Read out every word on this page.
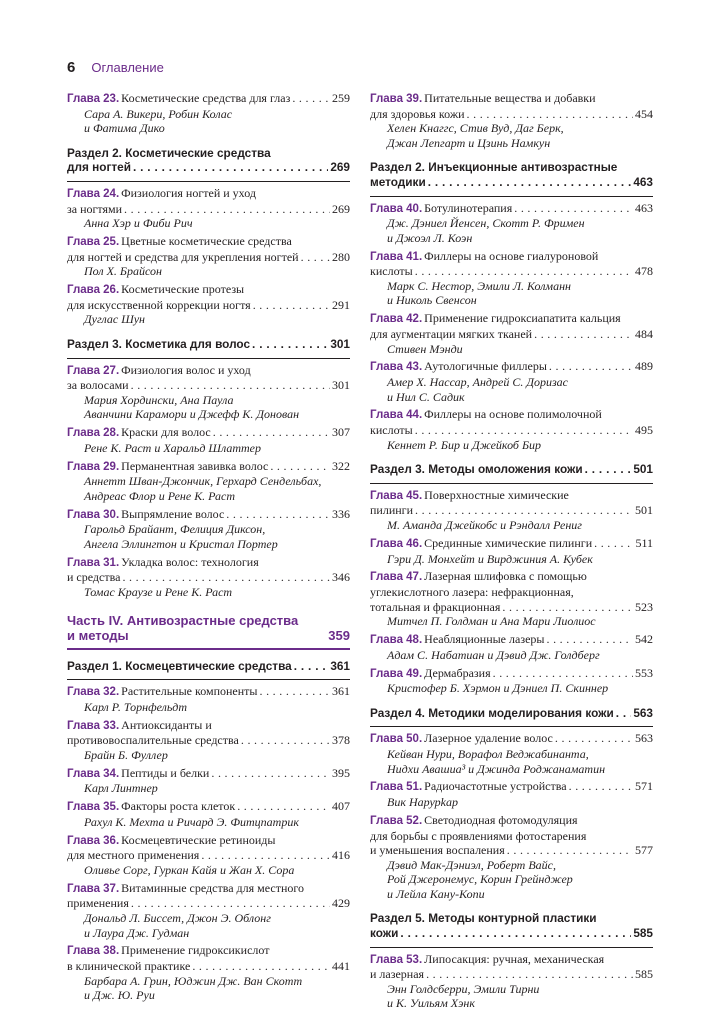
6 Оглавление
Глава 23. Косметические средства для глаз . . .	259
Сара А. Викери, Робин Колас
и Фатима Дико
Раздел 2. Косметические средства
для ногтей . . .	269
Глава 24. Физиология ногтей и уход
за ногтями . . .	269
Анна Хэр и Фиби Рич
Глава 25. Цветные косметические средства
для ногтей и средства для укрепления ногтей . . .	280
Пол Х. Брайсон
Глава 26. Косметические протезы
для искусственной коррекции ногтя . . .	291
Дуглас Шун
Раздел 3. Косметика для волос . . .	301
Глава 27. Физиология волос и уход
за волосами . . .	301
Мария Хордински, Ана Паула
Аванчини Карамори и Джефф К. Донован
Глава 28. Краски для волос . . .	307
Рене К. Раст и Харальд Шлаттер
Глава 29. Перманентная завивка волос . . .	322
Аннетт Шван-Джончик, Герхард Сендельбах,
Андреас Флор и Рене К. Раст
Глава 30. Выпрямление волос . . .	336
Гарольд Брайант, Фелиция Диксон,
Ангела Эллингтон и Кристал Портер
Глава 31. Укладка волос: технология
и средства . . .	346
Томас Краузе и Рене К. Раст
Часть IV. Антивозрастные средства
и методы	359
Раздел 1. Космецевтические средства . . .	361
Глава 32. Растительные компоненты . . .	361
Карл Р. Торнфельдт
Глава 33. Антиоксиданты и
противовоспалительные средства . . .	378
Брайн Б. Фуллер
Глава 34. Пептиды и белки . . .	395
Карл Линтнер
Глава 35. Факторы роста клеток . . .	407
Рахул К. Мехта и Ричард Э. Фитцпатрик
Глава 36. Космецевтические ретиноиды
для местного применения . . .	416
Оливье Сорг, Гуркан Кайя и Жан Х. Сора
Глава 37. Витаминные средства для местного
применения . . .	429
Дональд Л. Биссет, Джон Э. Облонг
и Лаура Дж. Гудман
Глава 38. Применение гидроксикислот
в клинической практике . . .	441
Барбара А. Грин, Юджин Дж. Ван Скотт
и Дж. Ю. Руи
Глава 39. Питательные вещества и добавки
для здоровья кожи . . .	454
Хелен Кнаггс, Стив Вуд, Даг Берк,
Джан Лепгарт и Цзинь Намкун
Раздел 2. Инъекционные антивозрастные
методики . . .	463
Глава 40. Ботулинотерапия . . .	463
Дж. Дэниел Йенсен, Скотт Р. Фримен
и Джоэл Л. Коэн
Глава 41. Филлеры на основе гиалуроновой
кислоты . . .	478
Марк С. Нестор, Эмили Л. Колманн
и Николь Свенсон
Глава 42. Применение гидроксиапатита кальция
для аугментации мягких тканей . . .	484
Стивен Мэнди
Глава 43. Аутологичные филлеры . . .	489
Амер Х. Нассар, Андрей С. Доризас
и Нил С. Садик
Глава 44. Филлеры на основе полимолочной
кислоты . . .	495
Кеннет Р. Бир и Джейкоб Бир
Раздел 3. Методы омоложения кожи . . .	501
Глава 45. Поверхностные химические
пилинги . . .	501
М. Аманда Джейкобс и Рэндалл Рениг
Глава 46. Срединные химические пилинги . . .	511
Гэри Д. Монхейт и Вирджиния А. Кубек
Глава 47. Лазерная шлифовка с помощью
углекислотного лазера: нефракционная,
тотальная и фракционная . . .	523
Митчел П. Голдман и Ана Мари Лиолиос
Глава 48. Неабляционные лазеры . . .	542
Адам С. Набатиан и Дэвид Дж. Голдберг
Глава 49. Дермабразия . . .	553
Кристофер Б. Хэрмон и Дэниел П. Скиннер
Раздел 4. Методики моделирования кожи . . . 563
Глава 50. Лазерное удаление волос . . .	563
Кейван Нури, Ворафол Веджабинанта,
Нидхи Авашиа³ и Джинда Роджанаматин
Глава 51. Радиочастотные устройства . . .	571
Вик Нарурkар
Глава 52. Светодиодная фотомодуляция
для борьбы с проявлениями фотостарения
и уменьшения воспаления . . .	577
Дэвид Мак-Дэниэл, Роберт Вайс,
Рой Джеронемус, Корин Грейнджер
и Лейла Кану-Копи
Раздел 5. Методы контурной пластики
кожи . . .	585
Глава 53. Липосакция: ручная, механическая
и лазерная . . .	585
Энн Голдсберри, Эмили Тирни
и К. Уильям Хэнк
